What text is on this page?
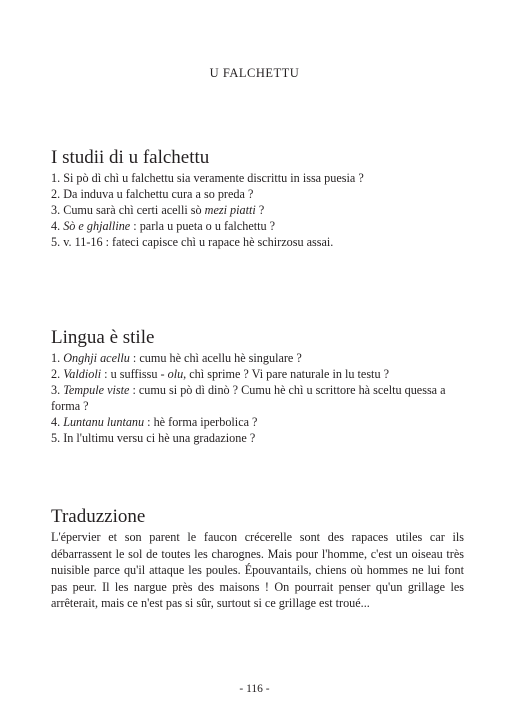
U FALCHETTU
I studii di u falchettu
1. Si pò dì chì u falchettu sia veramente discrittu in issa puesia ?
2. Da induva u falchettu cura a so preda ?
3. Cumu sarà chì certi acelli sò mezi piatti ?
4. Sò e ghjalline : parla u pueta o u falchettu ?
5. v. 11-16 : fateci capisce chì u rapace hè schirzosu assai.
Lingua è stile
1. Onghji acellu : cumu hè chì acellu hè singulare ?
2. Valdioli : u suffissu - olu, chì sprime ? Vi pare naturale in lu testu ?
3. Tempule viste : cumu si pò dì dinò ? Cumu hè chì u scrittore hà sceltu quessa a forma ?
4. Luntanu luntanu : hè forma iperbolica ?
5. In l'ultimu versu ci hè una gradazione ?
Traduzzione

L'épervier et son parent le faucon crécerelle sont des rapaces utiles car ils débarrassent le sol de toutes les charognes. Mais pour l'homme, c'est un oiseau très nuisible parce qu'il attaque les poules. Épouvantails, chiens où hommes ne lui font pas peur. Il les nargue près des maisons ! On pourrait penser qu'un grillage les arrêterait, mais ce n'est pas si sûr, surtout si ce grillage est troué...

- 116 -
